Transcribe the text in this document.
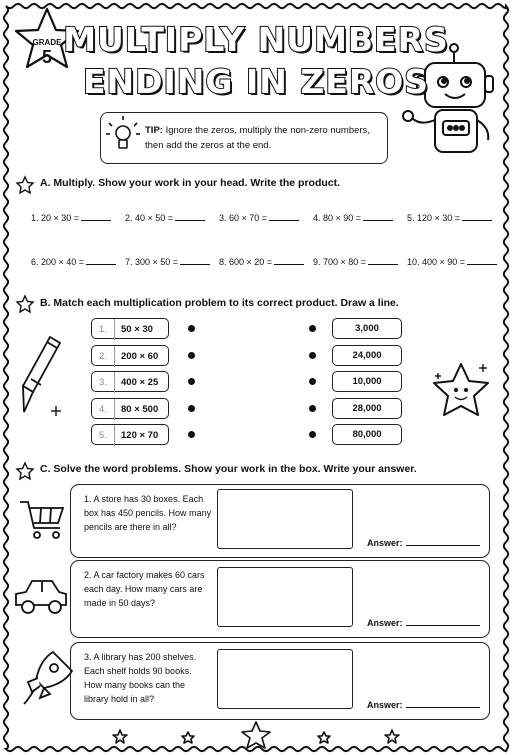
GRADE
5 MULTIPLY NUMBERS
ENDING IN ZEROS
TIP: Ignore the zeros, multiply the non-zero numbers, then add the zeros at the end.
A. Multiply. Show your work in your head. Write the product.
1. 20 × 30 =	2. 40 × 50 =	3. 60 × 70 =	4. 80 × 90 =	5. 120 × 30 =
6. 200 × 40 =	7. 300 × 50 =	8. 600 × 20 =	9. 700 × 80 =	10. 400 × 90 =
B. Match each multiplication problem to its correct product. Draw a line.
1. 50 × 30
2. 200 × 60
3. 400 × 25
4. 80 × 500
5. 120 × 70
3,000
24,000
10,000
28,000
80,000
C. Solve the word problems. Show your work in the box. Write your answer.
1. A store has 30 boxes. Each box has 450 pencils. How many pencils are there in all?
Answer:
2. A car factory makes 60 cars each day. How many cars are made in 50 days?
Answer:
3. A library has 200 shelves. Each shelf holds 90 books. How many books can the library hold in all?
Answer:
